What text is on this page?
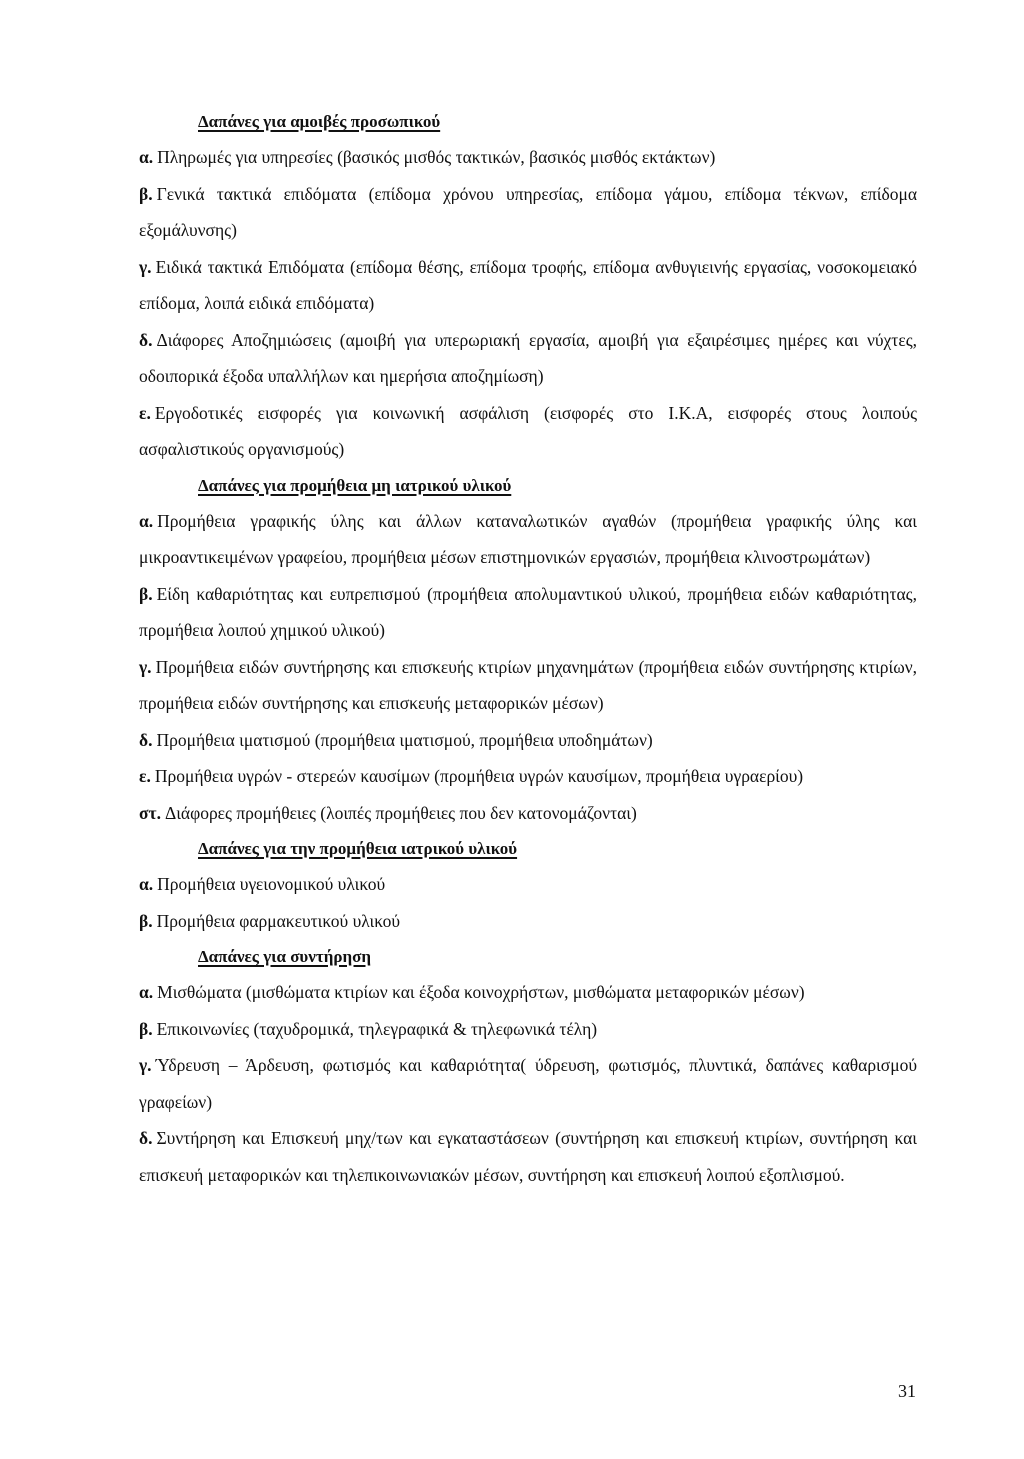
Δαπάνες για αμοιβές προσωπικού

α. Πληρωμές για υπηρεσίες (βασικός μισθός τακτικών, βασικός μισθός εκτάκτων)

β. Γενικά τακτικά επιδόματα (επίδομα χρόνου υπηρεσίας, επίδομα γάμου, επίδομα τέκνων, επίδομα εξομάλυνσης)

γ. Ειδικά τακτικά Επιδόματα (επίδομα θέσης, επίδομα τροφής, επίδομα ανθυγιεινής εργασίας, νοσοκομειακό επίδομα, λοιπά ειδικά επιδόματα)

δ. Διάφορες Αποζημιώσεις (αμοιβή για υπερωριακή εργασία, αμοιβή για εξαιρέσιμες ημέρες και νύχτες, οδοιπορικά έξοδα υπαλλήλων και ημερήσια αποζημίωση)

ε. Εργοδοτικές εισφορές για κοινωνική ασφάλιση (εισφορές στο Ι.Κ.Α, εισφορές στους λοιπούς ασφαλιστικούς οργανισμούς)

Δαπάνες για προμήθεια μη ιατρικού υλικού

α. Προμήθεια γραφικής ύλης και άλλων καταναλωτικών αγαθών (προμήθεια γραφικής ύλης και μικροαντικειμένων γραφείου, προμήθεια μέσων επιστημονικών εργασιών, προμήθεια κλινοστρωμάτων)

β. Είδη καθαριότητας και ευπρεπισμού (προμήθεια απολυμαντικού υλικού, προμήθεια ειδών καθαριότητας, προμήθεια λοιπού χημικού υλικού)

γ. Προμήθεια ειδών συντήρησης και επισκευής κτιρίων μηχανημάτων (προμήθεια ειδών συντήρησης κτιρίων, προμήθεια ειδών συντήρησης και επισκευής μεταφορικών μέσων)

δ. Προμήθεια ιματισμού (προμήθεια ιματισμού, προμήθεια υποδημάτων)

ε. Προμήθεια υγρών - στερεών καυσίμων (προμήθεια υγρών καυσίμων, προμήθεια υγραερίου)

στ. Διάφορες προμήθειες (λοιπές προμήθειες που δεν κατονομάζονται)

Δαπάνες για την προμήθεια ιατρικού υλικού

α. Προμήθεια υγειονομικού υλικού

β. Προμήθεια φαρμακευτικού υλικού

Δαπάνες για συντήρηση

α. Μισθώματα (μισθώματα κτιρίων και έξοδα κοινοχρήστων, μισθώματα μεταφορικών μέσων)

β. Επικοινωνίες (ταχυδρομικά, τηλεγραφικά & τηλεφωνικά τέλη)

γ. Ύδρευση – Άρδευση, φωτισμός και καθαριότητα( ύδρευση, φωτισμός, πλυντικά, δαπάνες καθαρισμού γραφείων)

δ. Συντήρηση και Επισκευή μηχ/των και εγκαταστάσεων (συντήρηση και επισκευή κτιρίων, συντήρηση και επισκευή μεταφορικών και τηλεπικοινωνιακών μέσων, συντήρηση και επισκευή λοιπού εξοπλισμού.

31
